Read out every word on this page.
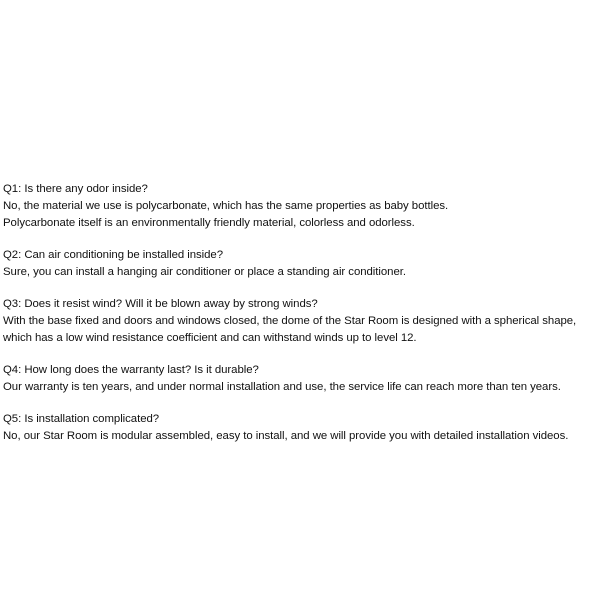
Q1: Is there any odor inside?
No, the material we use is polycarbonate, which has the same properties as baby bottles.
Polycarbonate itself is an environmentally friendly material, colorless and odorless.
Q2: Can air conditioning be installed inside?
Sure, you can install a hanging air conditioner or place a standing air conditioner.
Q3: Does it resist wind? Will it be blown away by strong winds?
With the base fixed and doors and windows closed, the dome of the Star Room is designed with a spherical shape,
which has a low wind resistance coefficient and can withstand winds up to level 12.
Q4: How long does the warranty last? Is it durable?
Our warranty is ten years, and under normal installation and use, the service life can reach more than ten years.
Q5: Is installation complicated?
No, our Star Room is modular assembled, easy to install, and we will provide you with detailed installation videos.
